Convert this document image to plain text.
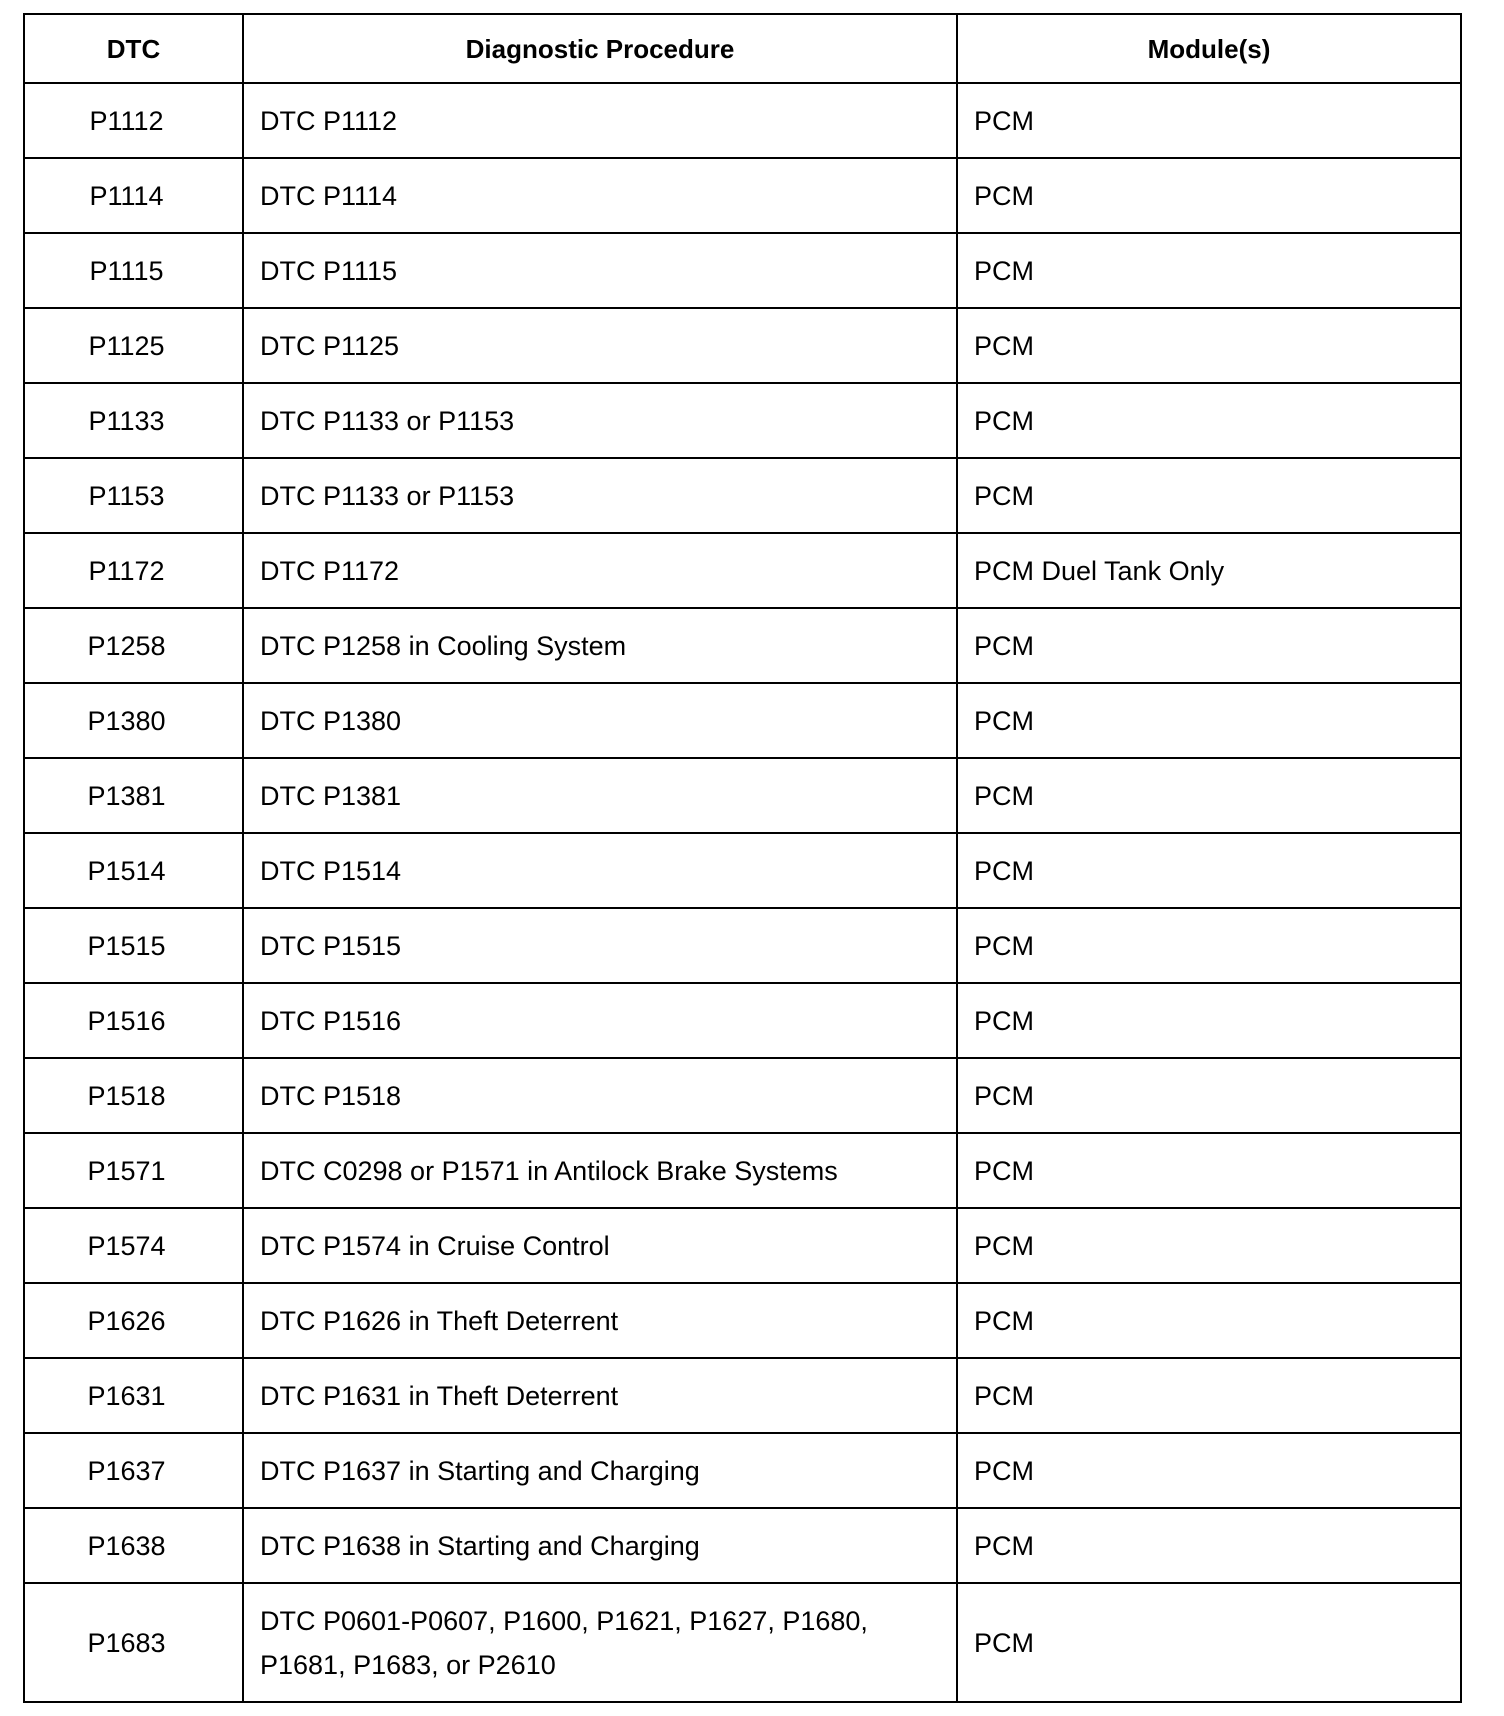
DTC	Diagnostic Procedure	Module(s)
P1112	DTC P1112	PCM
P1114	DTC P1114	PCM
P1115	DTC P1115	PCM
P1125	DTC P1125	PCM
P1133	DTC P1133 or P1153	PCM
P1153	DTC P1133 or P1153	PCM
P1172	DTC P1172	PCM Duel Tank Only
P1258	DTC P1258 in Cooling System	PCM
P1380	DTC P1380	PCM
P1381	DTC P1381	PCM
P1514	DTC P1514	PCM
P1515	DTC P1515	PCM
P1516	DTC P1516	PCM
P1518	DTC P1518	PCM
P1571	DTC C0298 or P1571 in Antilock Brake Systems	PCM
P1574	DTC P1574 in Cruise Control	PCM
P1626	DTC P1626 in Theft Deterrent	PCM
P1631	DTC P1631 in Theft Deterrent	PCM
P1637	DTC P1637 in Starting and Charging	PCM
P1638	DTC P1638 in Starting and Charging	PCM
P1683	DTC P0601-P0607, P1600, P1621, P1627, P1680, P1681, P1683, or P2610	PCM
